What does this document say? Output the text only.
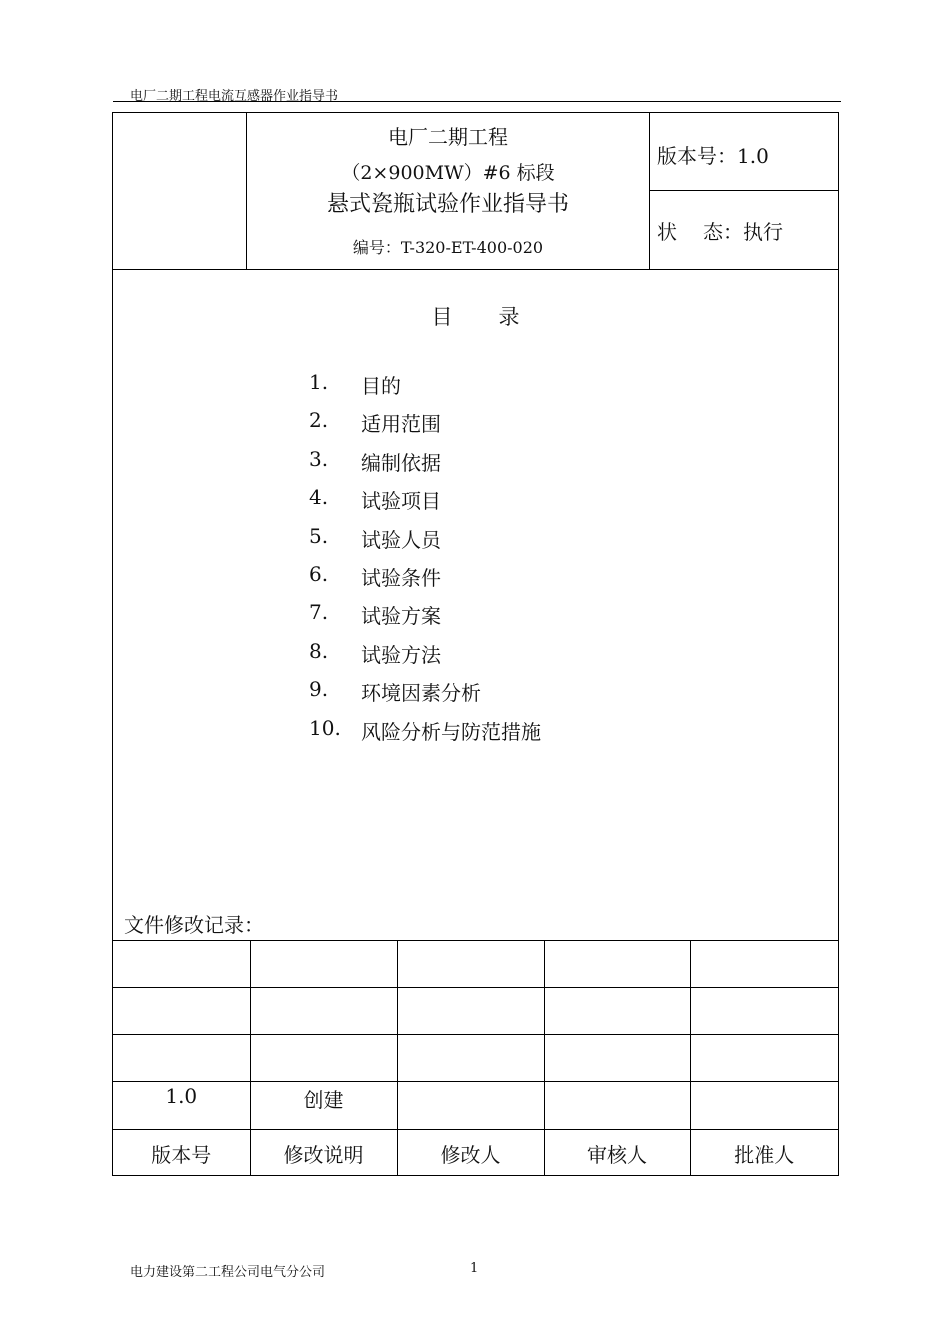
电厂二期工程电流互感器作业指导书
电厂二期工程
（2×900MW）#6 标段
悬式瓷瓶试验作业指导书
编号：T-320-ET-400-020
版本号：1.0
状 态：执行
目 录
1.	目的
2.	适用范围
3.	编制依据
4.	试验项目
5.	试验人员
6.	试验条件
7.	试验方案
8.	试验方法
9.	环境因素分析
10.	风险分析与防范措施
文件修改记录：

1.0	创建			
版本号	修改说明	修改人	审核人	批准人
电力建设第二工程公司电气分公司	1
